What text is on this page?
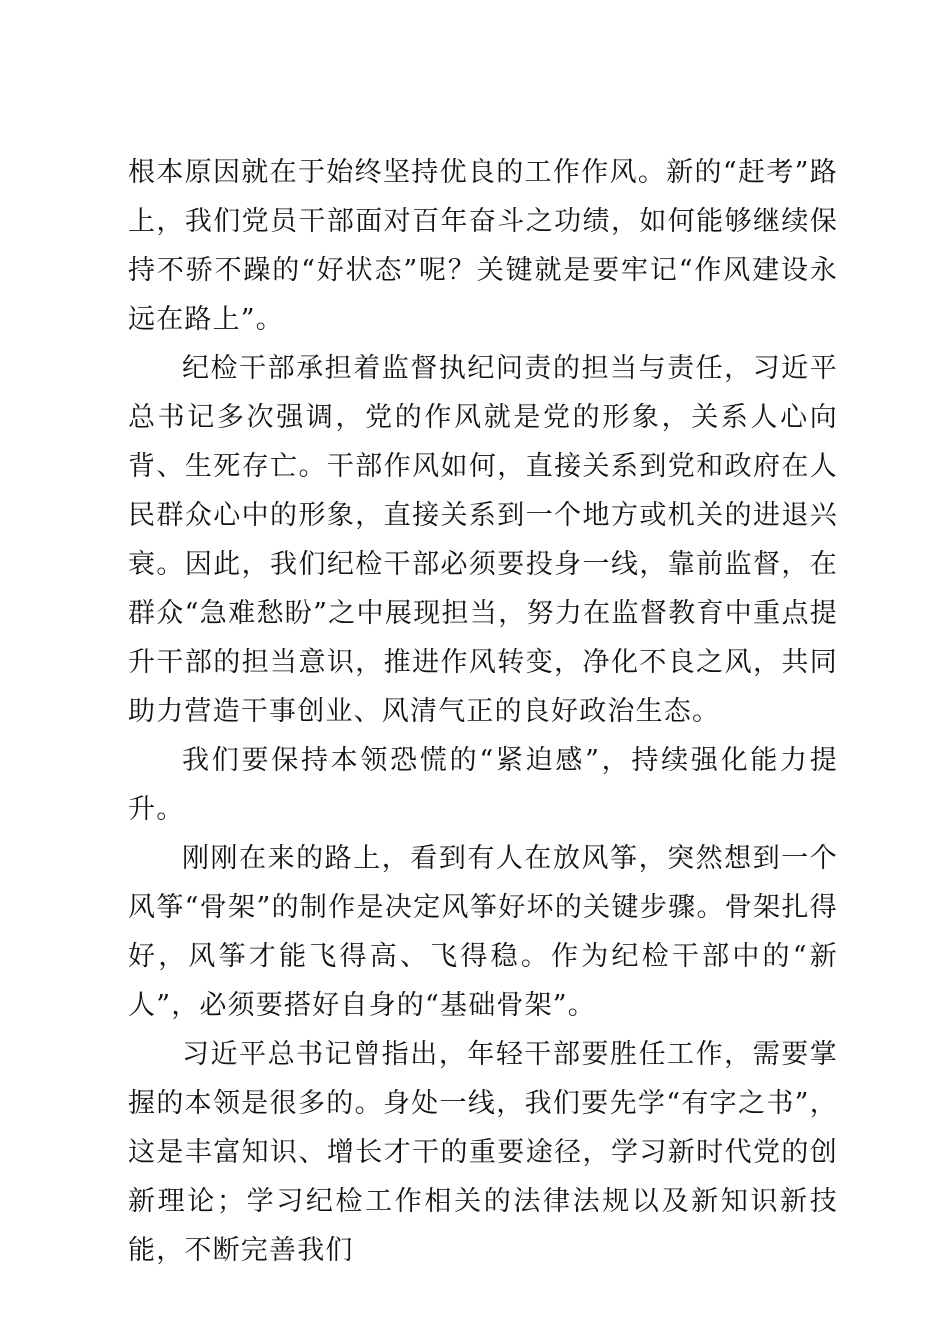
根本原因就在于始终坚持优良的工作作风。新的“赶考”路上，我们党员干部面对百年奋斗之功绩，如何能够继续保持不骄不躁的“好状态”呢？关键就是要牢记“作风建设永远在路上”。

纪检干部承担着监督执纪问责的担当与责任，习近平总书记多次强调，党的作风就是党的形象，关系人心向背、生死存亡。干部作风如何，直接关系到党和政府在人民群众心中的形象，直接关系到一个地方或机关的进退兴衰。因此，我们纪检干部必须要投身一线，靠前监督，在群众“急难愁盼”之中展现担当，努力在监督教育中重点提升干部的担当意识，推进作风转变，净化不良之风，共同助力营造干事创业、风清气正的良好政治生态。

我们要保持本领恐慌的“紧迫感”，持续强化能力提升。

刚刚在来的路上，看到有人在放风筝，突然想到一个风筝“骨架”的制作是决定风筝好坏的关键步骤。骨架扎得好，风筝才能飞得高、飞得稳。作为纪检干部中的“新人”，必须要搭好自身的“基础骨架”。

习近平总书记曾指出，年轻干部要胜任工作，需要掌握的本领是很多的。身处一线，我们要先学“有字之书”，这是丰富知识、增长才干的重要途径，学习新时代党的创新理论；学习纪检工作相关的法律法规以及新知识新技能，不断完善我们
